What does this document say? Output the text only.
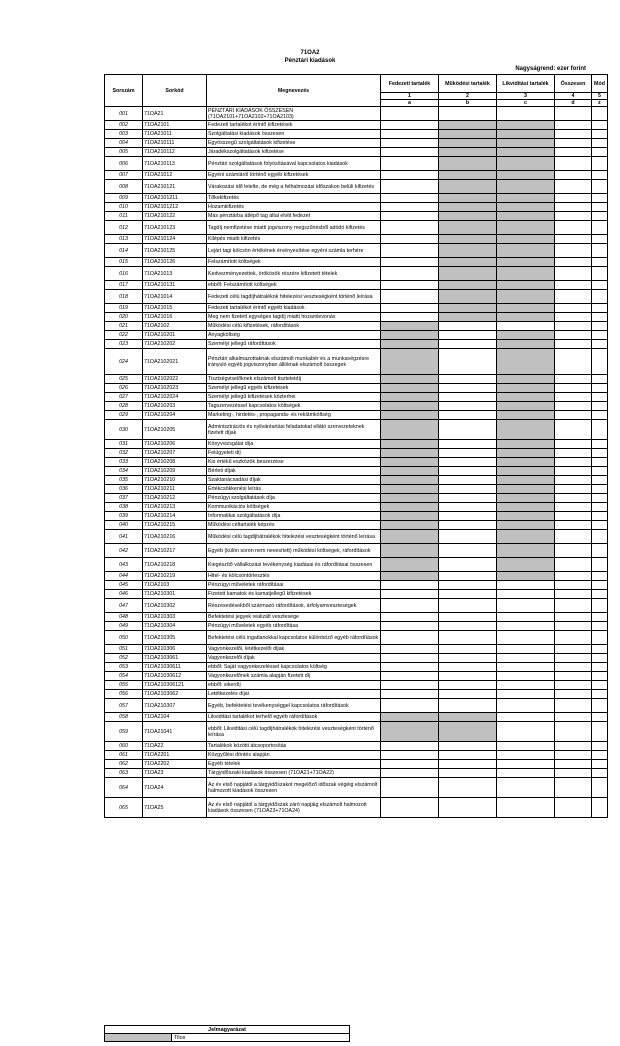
71OA2
Pénztári kiadások
Nagyságrend: ezer forint
Sorszám	Sorkód	Megnevezés	Fedezeti tartalék	Működési tartalék	Likviditási tartalék	Összesen	Mód
			1	2	3	4	5
			a	b	c	d	z
001	71OA21	PÉNZTÁRI KIADÁSOK ÖSSZESEN (71OA2101+71OA2102+71OA2103)					
002	71OA2101	Fedezeti tartalékot érintő kifizetések					
003	71OA21011	Szolgáltatási kiadások összesen					
004	71OA210111	Egyösszegű szolgáltatások kifizetése					
005	71OA210112	Járadékszolgáltatások kifizetése					
006	71OA210113	Pénztári szolgáltatások folyósításával kapcsolatos kiadások					
007	71OA21012	Egyéni számláról történő egyéb kifizetések					
008	71OA210121	Várakozási idő letelte, de még a felhalmozási időszakon belüli kifizetés					
009	71OA2101211	Tőkekifizetés					
010	71OA2101212	Hozamkifizetés					
011	71OA210122	Más pénztárba átlépő tag által elvitt fedezet					
012	71OA210123	Tagdíj nemfizetése miatti jogviszony megszűnésből adódó kifizetés					
013	71OA210124	Kilépés miatti kifizetés					
014	71OA210125	Lejárt tagi kölcsön értékének érvényesítése egyéni számla terhére					
015	71OA210126	Felszámított költségek					
016	71OA21013	Kedvezményezettek, örökösök részére kifizetett tételek					
017	71OA210131	ebből: Felszámított költségek					
018	71OA21014	Fedezeti célú tagdíjhátralékok hitelezési veszteségként történő leírása					
019	71OA21015	Fedezeti tartalékot érintő egyéb kiadások					
020	71OA21016	Meg nem fizetett egységes tagdíj miatti hozamlevonás					
021	71OA2102	Működési célú kifizetések, ráfordítások					
022	71OA210201	Anyagköltség					
023	71OA210202	Személyi jellegű ráfordítások					
024	71OA2102021	Pénztári alkalmazottaknak elszámolt munkabér és a munkavégzésre irányuló egyéb jogviszonyban állóknak elszámolt összegek					
025	71OA2102022	Tisztségviselőknek elszámolt tiszteletdíj					
026	71OA2102023	Személyi jellegű egyéb kifizetések					
027	71OA2102024	Személyi jellegű kifizetések közterhei					
028	71OA210203	Tagszervezéssel kapcsolatos költségek					
029	71OA210204	Marketing-, hirdetés-, propaganda- és reklámköltség					
030	71OA210205	Adminisztrációs és nyilvántartási feladatokat ellátó szervezeteknek fizetett díjak					
031	71OA210206	Könyvvizsgálat díja					
032	71OA210207	Felügyeleti díj					
033	71OA210208	Kis értékű eszközök beszerzése					
034	71OA210209	Bérleti díjak					
035	71OA210210	Szaktanácsadási díjak					
036	71OA210211	Értékcsökkenési leírás					
037	71OA210212	Pénzügyi szolgáltatások díja					
038	71OA210213	Kommunikációs költségek					
039	71OA210214	Informatikai szolgáltatások díja					
040	71OA210215	Működési céltartalék képzés					
041	71OA210216	Működési célú tagdíjhátralékok hitelezési veszteségként történő leírása					
042	71OA210217	Egyéb (külön soron nem nevesített) működési költségek, ráfordítások					
043	71OA210218	Kiegészítő vállalkozási tevékenység kiadásai és ráfordításai összesen					
044	71OA210219	Hitel- és kölcsöntörlesztés					
045	71OA2103	Pénzügyi műveletek ráfordításai					
046	71OA210301	Fizetett kamatok és kamatjellegű kifizetések					
047	71OA210302	Részesedésekből származó ráfordítások, árfolyamveszteségek					
048	71OA210303	Befektetési jegyek realizált vesztesége					
049	71OA210304	Pénzügyi műveletek egyéb ráfordítása					
050	71OA210305	Befektetési célú ingatlanokkal kapcsolatos különböző egyéb ráfordítások					
051	71OA210306	Vagyonkezelői, letétkezelői díjak					
052	71OA2103061	Vagyonkezelői díjak					
053	71OA21030611	ebből: Saját vagyonkezeléssel kapcsolatos költség					
054	71OA21030612	Vagyonkezelőnek számla alapján fizetett díj					
055	71OA210306121	ebből: sikerdíj					
056	71OA2103062	Letétkezelés díjai					
057	71OA210307	Egyéb, befektetési tevékenységgel kapcsolatos ráfordítások					
058	71OA2104	Likviditási tartalékot terhelő egyéb ráfordítások					
059	71OA21041	ebből: Likviditási célú tagdíjhátralékok hitelezési veszteségként történő leírása					
060	71OA22	Tartalékok közötti átcsoportosítás					
061	71OA2201	Közgyűlési döntés alapján					
062	71OA2202	Egyéb tételek					
063	71OA23	Tárgyidőszaki kiadások összesen (71OA21+71OA22)					
064	71OA24	Az év első napjától a tárgyidőszakot megelőző időszak végéig elszámolt halmozott kiadások összesen					
065	71OA25	Az év első napjától a tárgyidőszak záró napjáig elszámolt halmozott kiadások összesen (71OA23+71OA24)					
Jelmagyarázat
	Tilos
